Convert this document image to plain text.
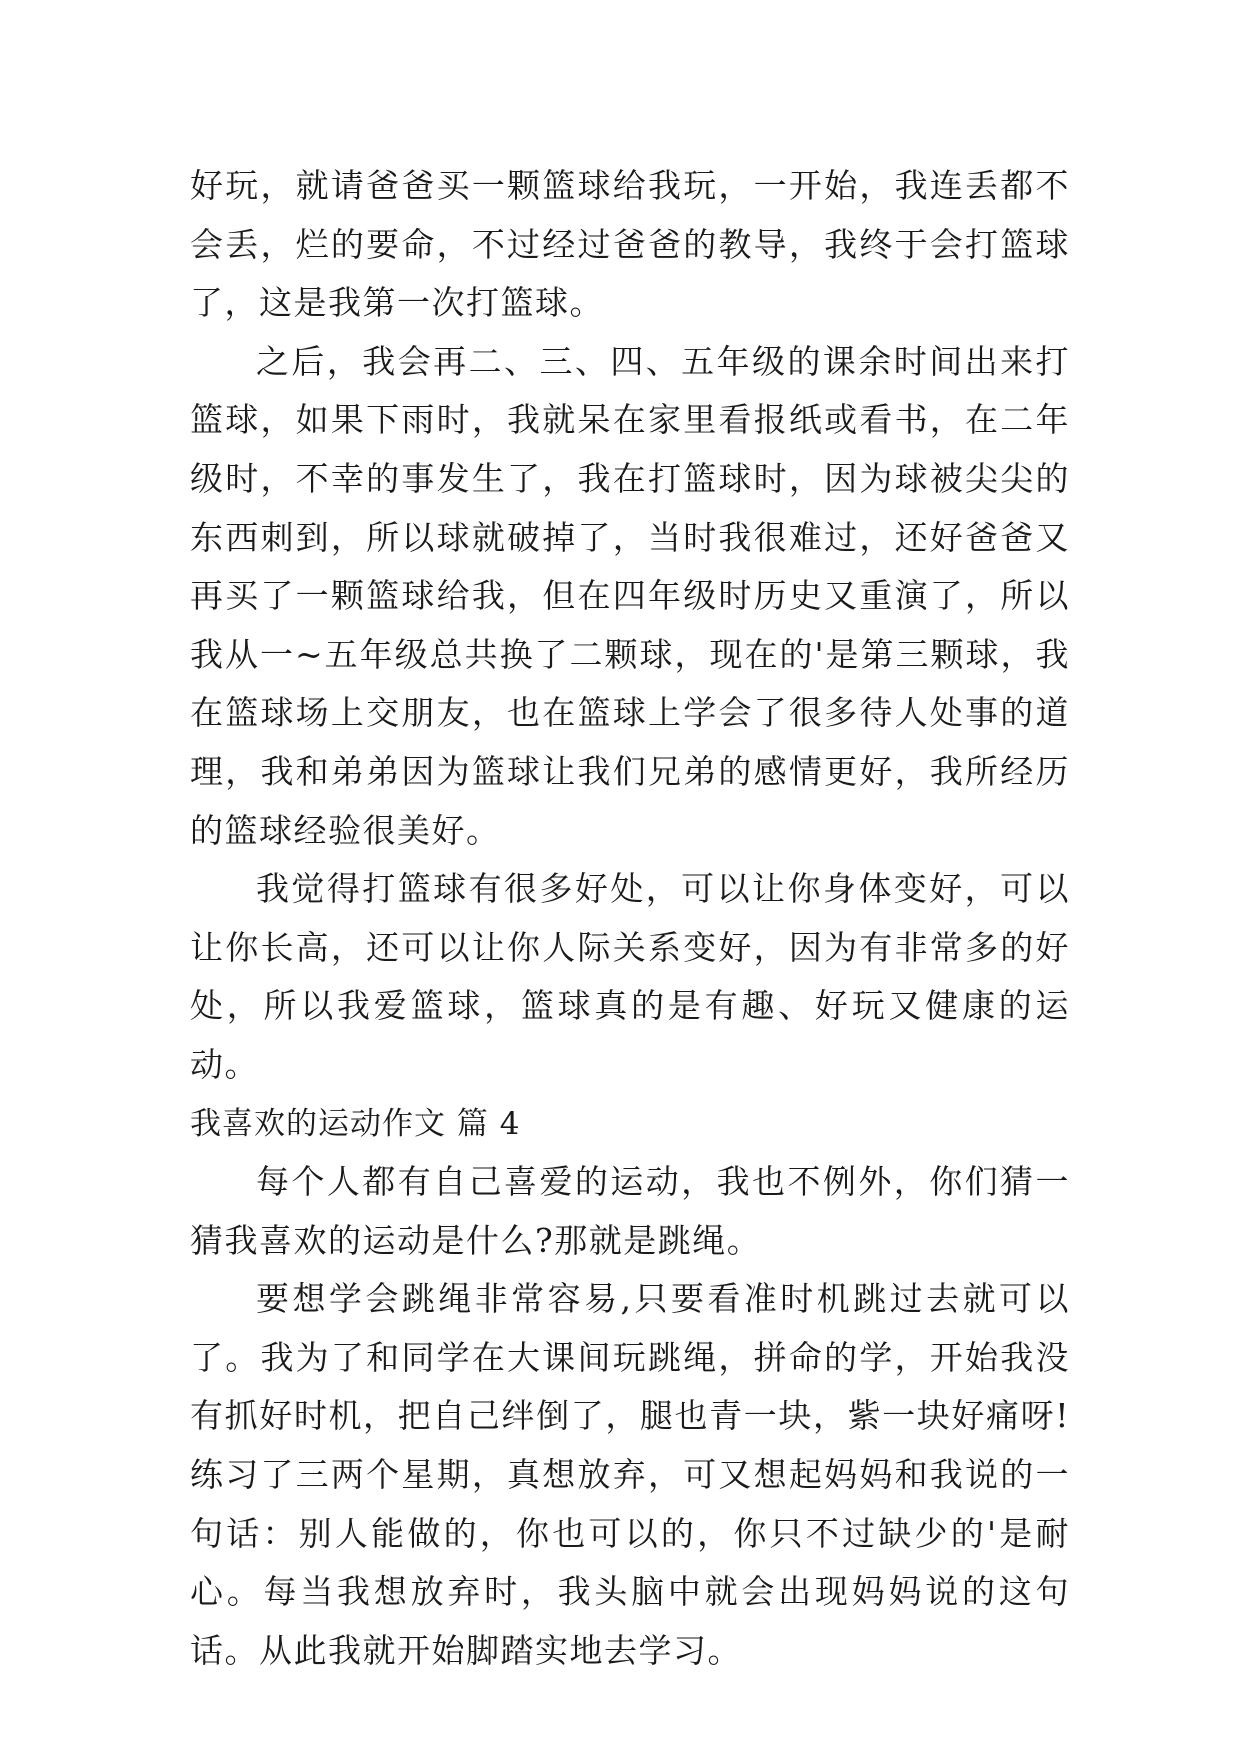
好玩，就请爸爸买一颗篮球给我玩，一开始，我连丢都不会丢，烂的要命，不过经过爸爸的教导，我终于会打篮球了，这是我第一次打篮球。

之后，我会再二、三、四、五年级的课余时间出来打篮球，如果下雨时，我就呆在家里看报纸或看书，在二年级时，不幸的事发生了，我在打篮球时，因为球被尖尖的东西刺到，所以球就破掉了，当时我很难过，还好爸爸又再买了一颗篮球给我，但在四年级时历史又重演了，所以我从一~五年级总共换了二颗球，现在的'是第三颗球，我在篮球场上交朋友，也在篮球上学会了很多待人处事的道理，我和弟弟因为篮球让我们兄弟的感情更好，我所经历的篮球经验很美好。

我觉得打篮球有很多好处，可以让你身体变好，可以让你长高，还可以让你人际关系变好，因为有非常多的好处，所以我爱篮球，篮球真的是有趣、好玩又健康的运动。

我喜欢的运动作文 篇 4

每个人都有自己喜爱的运动，我也不例外，你们猜一猜我喜欢的运动是什么?那就是跳绳。

要想学会跳绳非常容易,只要看准时机跳过去就可以了。我为了和同学在大课间玩跳绳，拼命的学，开始我没有抓好时机，把自己绊倒了，腿也青一块，紫一块好痛呀!练习了三两个星期，真想放弃，可又想起妈妈和我说的一句话：别人能做的，你也可以的，你只不过缺少的'是耐心。每当我想放弃时，我头脑中就会出现妈妈说的这句话。从此我就开始脚踏实地去学习。
